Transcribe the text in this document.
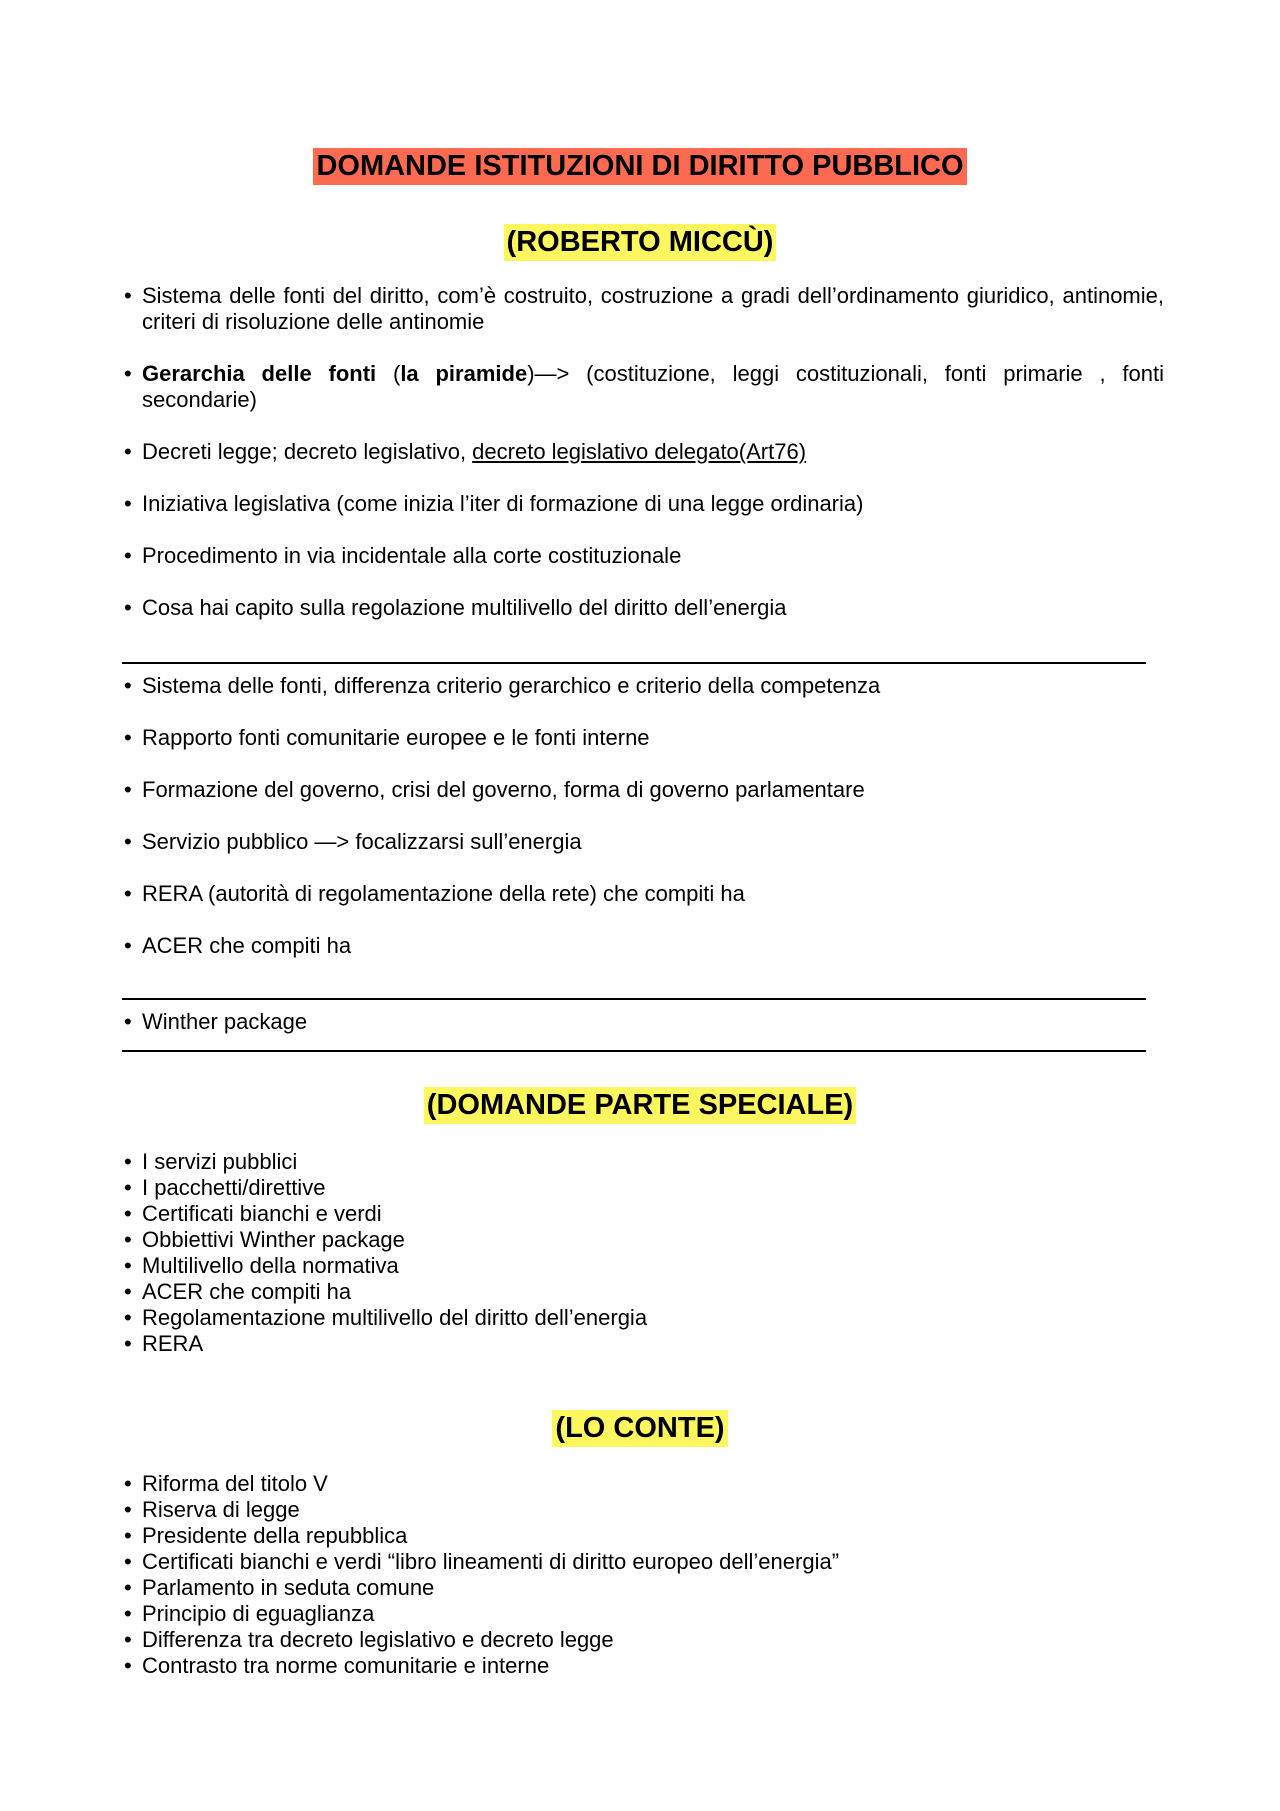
DOMANDE ISTITUZIONI DI DIRITTO PUBBLICO
(ROBERTO MICCÙ)
• Sistema delle fonti del diritto, com’è costruito, costruzione a gradi dell’ordinamento giuridico, antinomie, criteri di risoluzione delle antinomie
• Gerarchia delle fonti (la piramide)—> (costituzione, leggi costituzionali, fonti primarie , fonti secondarie)
• Decreti legge; decreto legislativo, decreto legislativo delegato(Art76)
• Iniziativa legislativa (come inizia l’iter di formazione di una legge ordinaria)
• Procedimento in via incidentale alla corte costituzionale
• Cosa hai capito sulla regolazione multilivello del diritto dell’energia
• Sistema delle fonti, differenza criterio gerarchico e criterio della competenza
• Rapporto fonti comunitarie europee e le fonti interne
• Formazione del governo, crisi del governo, forma di governo parlamentare
• Servizio pubblico —> focalizzarsi sull’energia
• RERA (autorità di regolamentazione della rete) che compiti ha
• ACER che compiti ha
• Winther package
(DOMANDE PARTE SPECIALE)
• I servizi pubblici
• I pacchetti/direttive
• Certificati bianchi e verdi
• Obbiettivi Winther package
• Multilivello della normativa
• ACER che compiti ha
• Regolamentazione multilivello del diritto dell’energia
• RERA
(LO CONTE)
• Riforma del titolo V
• Riserva di legge
• Presidente della repubblica
• Certificati bianchi e verdi “libro lineamenti di diritto europeo dell’energia”
• Parlamento in seduta comune
• Principio di eguaglianza
• Differenza tra decreto legislativo e decreto legge
• Contrasto tra norme comunitarie e interne
